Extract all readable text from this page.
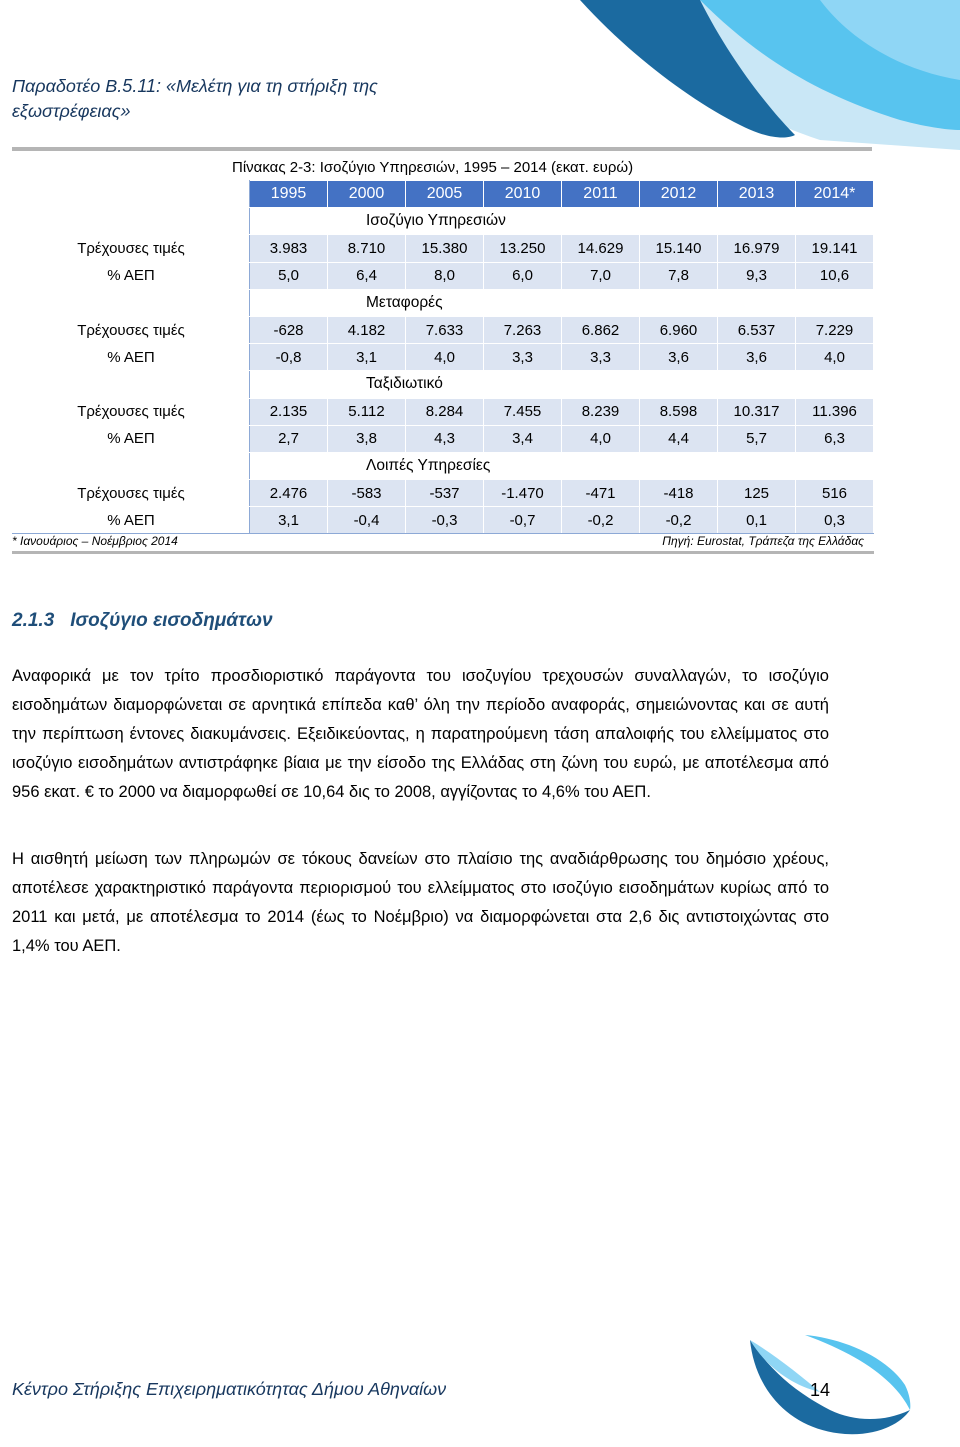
Παραδοτέο Β.5.11: «Μελέτη για τη στήριξη της
εξωστρέφειας»
Πίνακας 2-3: Ισοζύγιο Υπηρεσιών, 1995 – 2014 (εκατ. ευρώ)
	1995	2000	2005	2010	2011	2012	2013	2014*
	Ισοζύγιο Υπηρεσιών							
Τρέχουσες τιμές	3.983	8.710	15.380	13.250	14.629	15.140	16.979	19.141
% ΑΕΠ	5,0	6,4	8,0	6,0	7,0	7,8	9,3	10,6
	Μεταφορές							
Τρέχουσες τιμές	-628	4.182	7.633	7.263	6.862	6.960	6.537	7.229
% ΑΕΠ	-0,8	3,1	4,0	3,3	3,3	3,6	3,6	4,0
	Ταξιδιωτικό							
Τρέχουσες τιμές	2.135	5.112	8.284	7.455	8.239	8.598	10.317	11.396
% ΑΕΠ	2,7	3,8	4,3	3,4	4,0	4,4	5,7	6,3
	Λοιπές Υπηρεσίες							
Τρέχουσες τιμές	2.476	-583	-537	-1.470	-471	-418	125	516
% ΑΕΠ	3,1	-0,4	-0,3	-0,7	-0,2	-0,2	0,1	0,3
* Ιανουάριος – Νοέμβριος 2014	Πηγή: Eurostat, Τράπεζα της Ελλάδας
2.1.3 Ισοζύγιο εισοδημάτων
Αναφορικά με τον τρίτο προσδιοριστικό παράγοντα του ισοζυγίου τρεχουσών συναλλαγών, το ισοζύγιο εισοδημάτων διαμορφώνεται σε αρνητικά επίπεδα καθ’ όλη την περίοδο αναφοράς, σημειώνοντας και σε αυτή την περίπτωση έντονες διακυμάνσεις. Εξειδικεύοντας, η παρατηρούμενη τάση απαλοιφής του ελλείμματος στο ισοζύγιο εισοδημάτων αντιστράφηκε βίαια με την είσοδο της Ελλάδας στη ζώνη του ευρώ, με αποτέλεσμα από 956 εκατ. € το 2000 να διαμορφωθεί σε 10,64 δις το 2008, αγγίζοντας το 4,6% του ΑΕΠ.
Η αισθητή μείωση των πληρωμών σε τόκους δανείων στο πλαίσιο της αναδιάρθρωσης του δημόσιο χρέους, αποτέλεσε χαρακτηριστικό παράγοντα περιορισμού του ελλείμματος στο ισοζύγιο εισοδημάτων κυρίως από το 2011 και μετά, με αποτέλεσμα το 2014 (έως το Νοέμβριο) να διαμορφώνεται στα 2,6 δις αντιστοιχώντας στο 1,4% του ΑΕΠ.
Κέντρο Στήριξης Επιχειρηματικότητας Δήμου Αθηναίων	14
